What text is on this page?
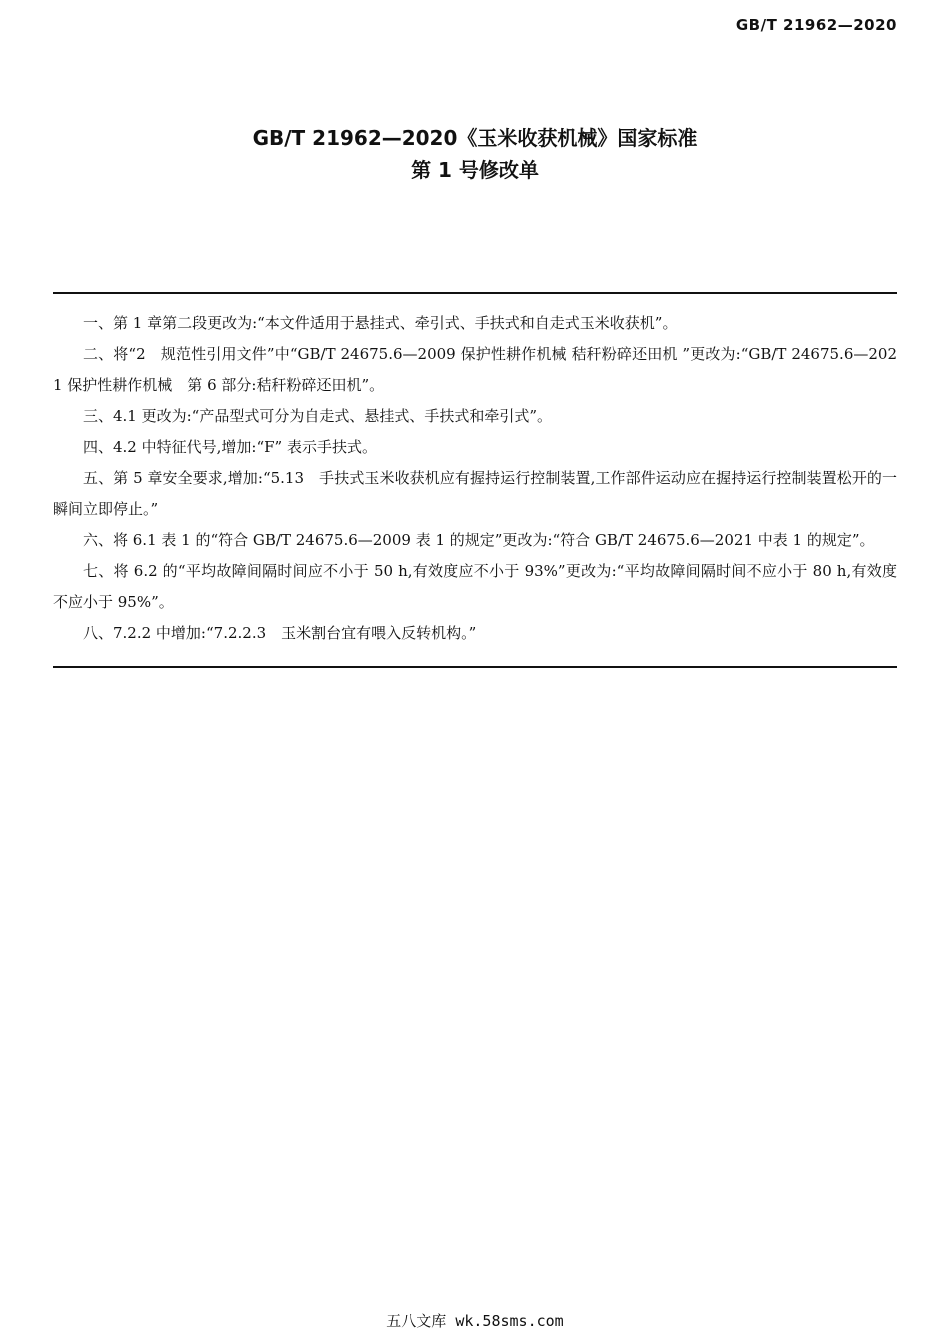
GB/T 21962—2020
GB/T 21962—2020《玉米收获机械》国家标准
第 1 号修改单

一、第 1 章第二段更改为:“本文件适用于悬挂式、牵引式、手扶式和自走式玉米收获机”。

二、将“2　规范性引用文件”中“GB/T 24675.6—2009 保护性耕作机械 秸秆粉碎还田机 ”更改为:“GB/T 24675.6—2021 保护性耕作机械　第 6 部分:秸秆粉碎还田机”。

三、4.1 更改为:“产品型式可分为自走式、悬挂式、手扶式和牵引式”。

四、4.2 中特征代号,增加:“F” 表示手扶式。

五、第 5 章安全要求,增加:“5.13　手扶式玉米收获机应有握持运行控制装置,工作部件运动应在握持运行控制装置松开的一瞬间立即停止。”

六、将 6.1 表 1 的“符合 GB/T 24675.6—2009 表 1 的规定”更改为:“符合 GB/T 24675.6—2021 中表 1 的规定”。

七、将 6.2 的“平均故障间隔时间应不小于 50 h,有效度应不小于 93%”更改为:“平均故障间隔时间不应小于 80 h,有效度不应小于 95%”。

八、7.2.2 中增加:“7.2.2.3　玉米割台宜有喂入反转机构。”

五八文库 wk.58sms.com
